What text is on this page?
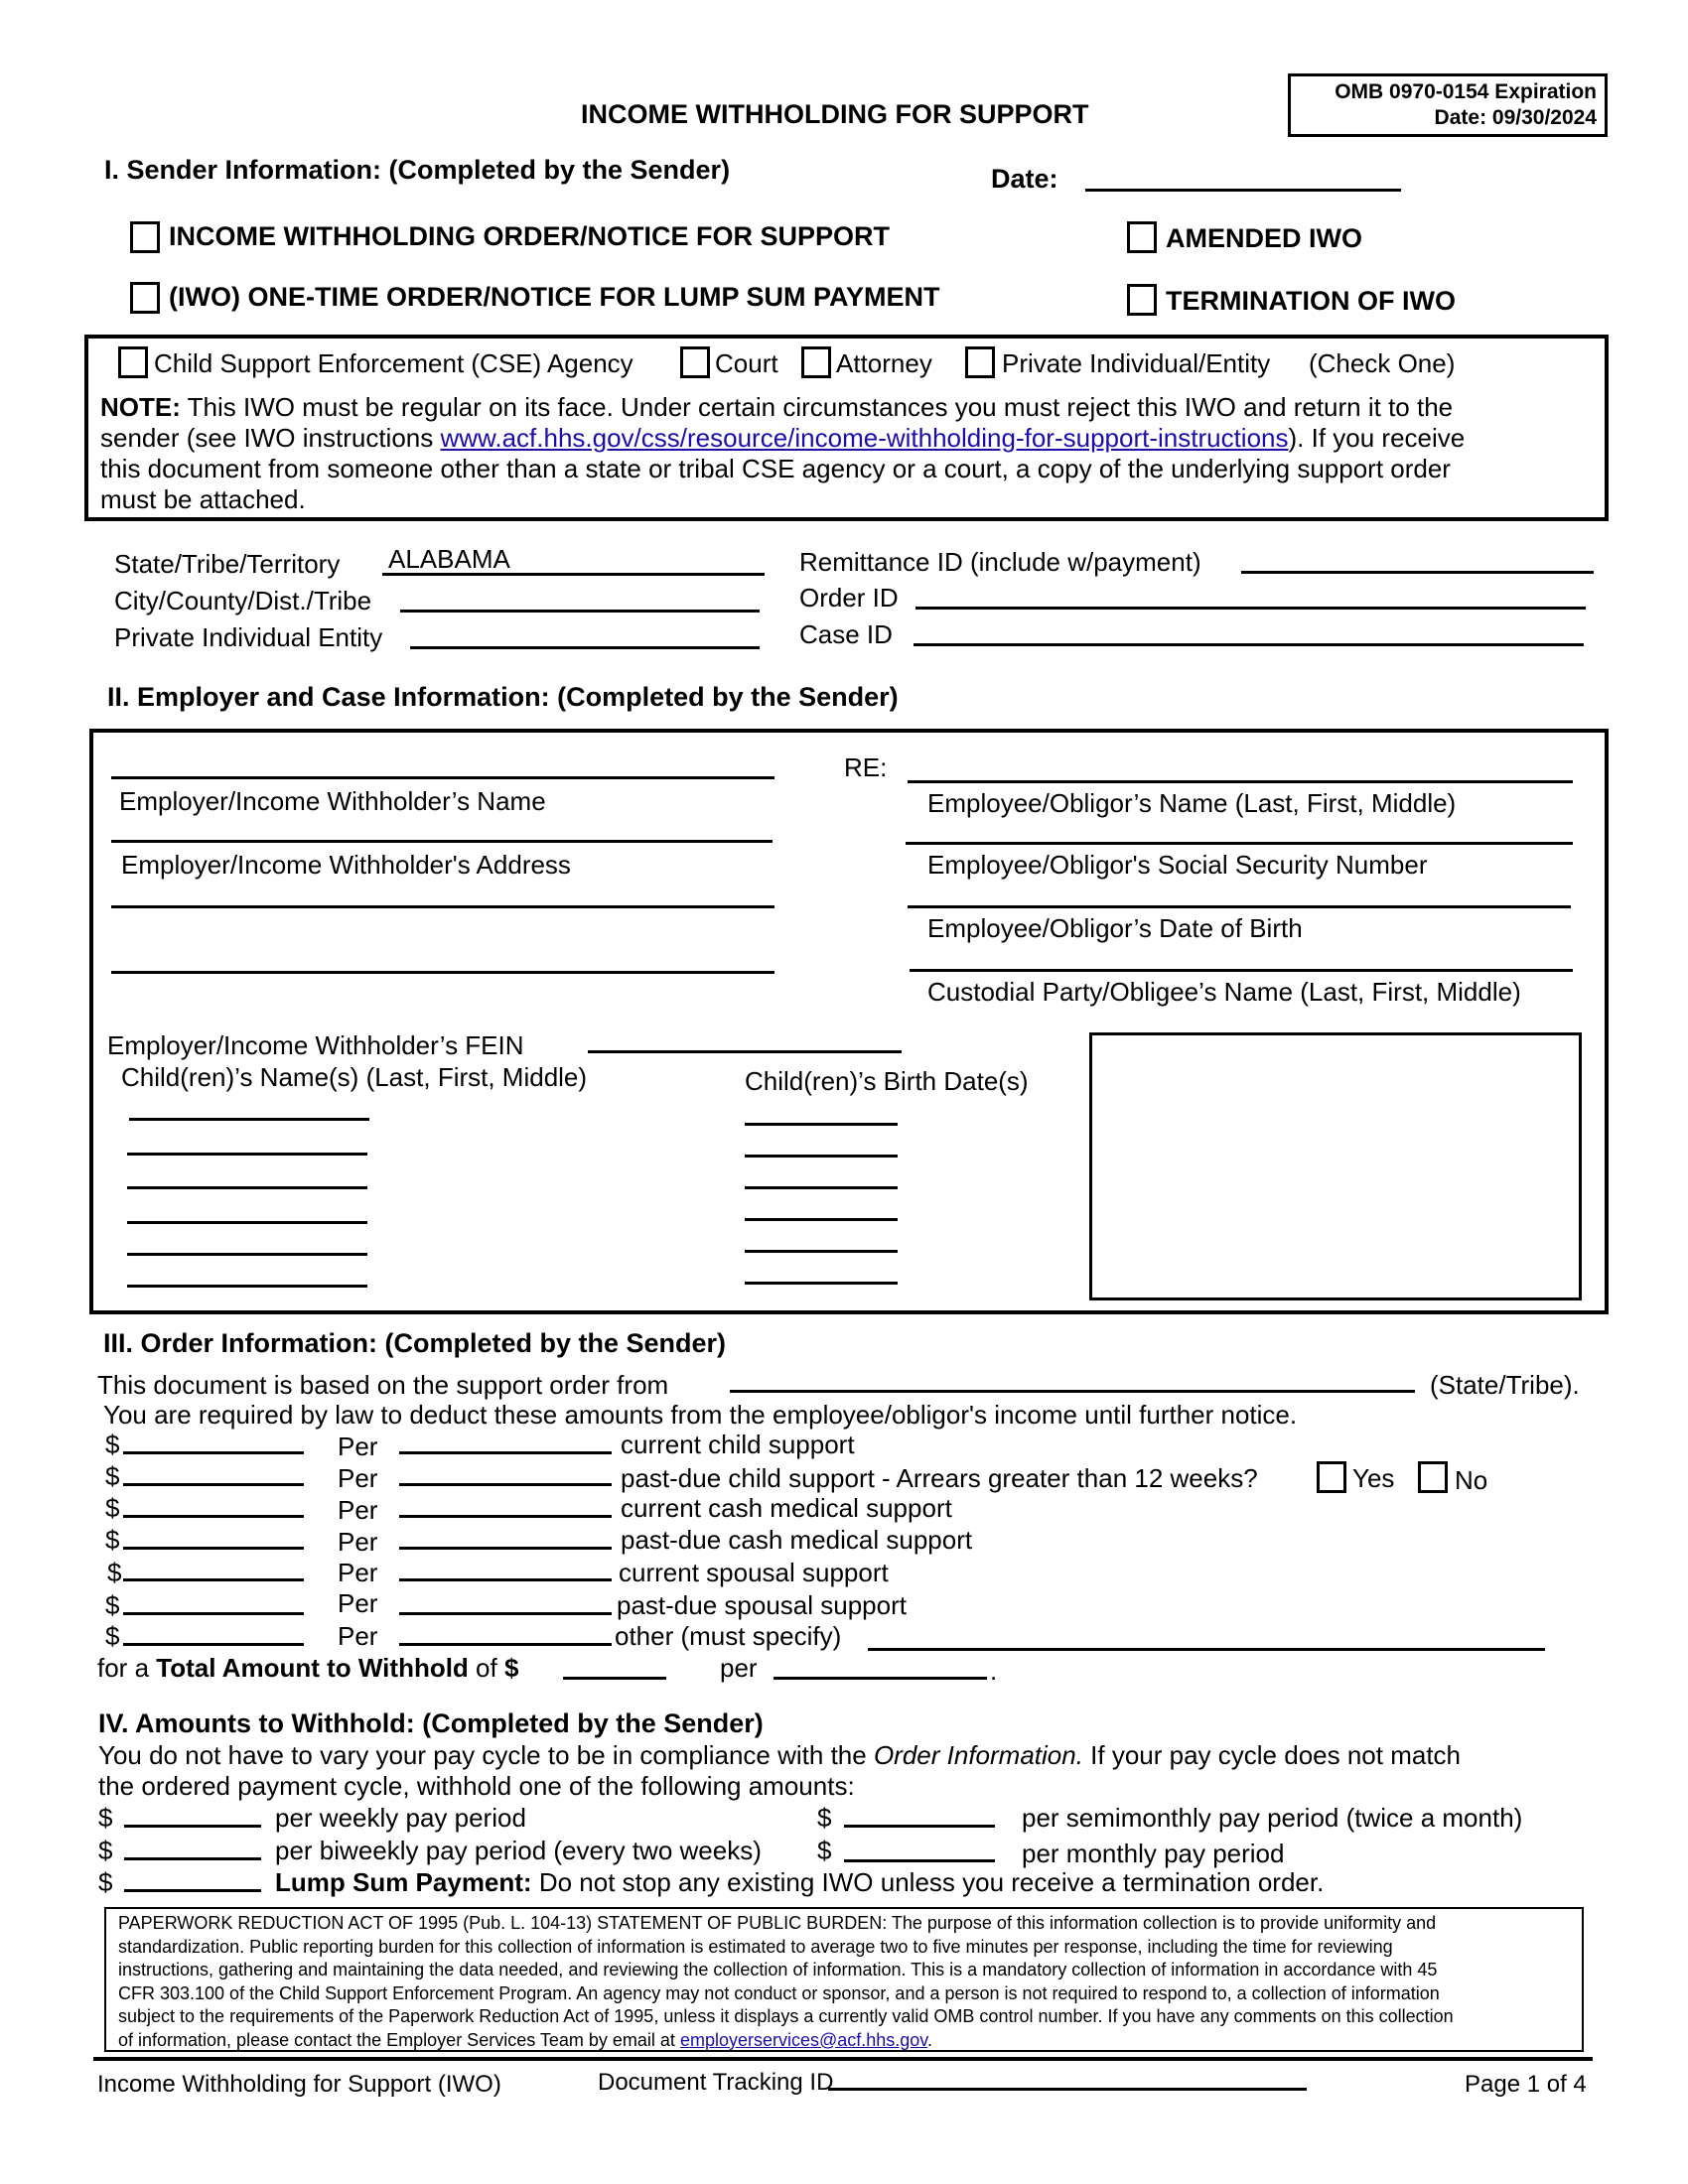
INCOME WITHHOLDING FOR SUPPORT
OMB 0970-0154 Expiration
Date: 09/30/2024
I. Sender Information: (Completed by the Sender)	Date:
INCOME WITHHOLDING ORDER/NOTICE FOR SUPPORT
(IWO) ONE-TIME ORDER/NOTICE FOR LUMP SUM PAYMENT
AMENDED IWO
TERMINATION OF IWO
Child Support Enforcement (CSE) Agency	Court Attorney	Private Individual/Entity (Check One)
NOTE: This IWO must be regular on its face. Under certain circumstances you must reject this IWO and return it to the
sender (see IWO instructions www.acf.hhs.gov/css/resource/income-withholding-for-support-instructions). If you receive
this document from someone other than a state or tribal CSE agency or a court, a copy of the underlying support order
must be attached.
State/Tribe/Territory
ALABAMA
City/County/Dist./Tribe
Private Individual Entity
Remittance ID (include w/payment)
Order ID
Case ID
II. Employer and Case Information: (Completed by the Sender)
Employer/Income Withholder’s Name
Employer/Income Withholder's Address
RE:
Employee/Obligor’s Name (Last, First, Middle)
Employee/Obligor's Social Security Number
Employee/Obligor’s Date of Birth
Custodial Party/Obligee’s Name (Last, First, Middle)
Employer/Income Withholder’s FEIN
Child(ren)’s Name(s) (Last, First, Middle)	Child(ren)’s Birth Date(s)
III. Order Information: (Completed by the Sender)
This document is based on the support order from	(State/Tribe).
You are required by law to deduct these amounts from the employee/obligor's income until further notice.
$	Per	current child support
$	Per	past-due child support - Arrears greater than 12 weeks?	Yes No
$	Per	current cash medical support
$	Per	past-due cash medical support
$	Per	current spousal support
$	Per	past-due spousal support
$	Per	other (must specify)
for a Total Amount to Withhold of $	per	.
IV. Amounts to Withhold: (Completed by the Sender)
You do not have to vary your pay cycle to be in compliance with the Order Information. If your pay cycle does not match
the ordered payment cycle, withhold one of the following amounts:
$	per weekly pay period	$	per semimonthly pay period (twice a month)
$	per biweekly pay period (every two weeks) $	per monthly pay period
$	Lump Sum Payment: Do not stop any existing IWO unless you receive a termination order.
PAPERWORK REDUCTION ACT OF 1995 (Pub. L. 104-13) STATEMENT OF PUBLIC BURDEN: The purpose of this information collection is to provide uniformity and
standardization. Public reporting burden for this collection of information is estimated to average two to five minutes per response, including the time for reviewing
instructions, gathering and maintaining the data needed, and reviewing the collection of information. This is a mandatory collection of information in accordance with 45
CFR 303.100 of the Child Support Enforcement Program. An agency may not conduct or sponsor, and a person is not required to respond to, a collection of information
subject to the requirements of the Paperwork Reduction Act of 1995, unless it displays a currently valid OMB control number. If you have any comments on this collection
of information, please contact the Employer Services Team by email at employerservices@acf.hhs.gov.
Income Withholding for Support (IWO)	Document Tracking ID	Page 1 of 4
